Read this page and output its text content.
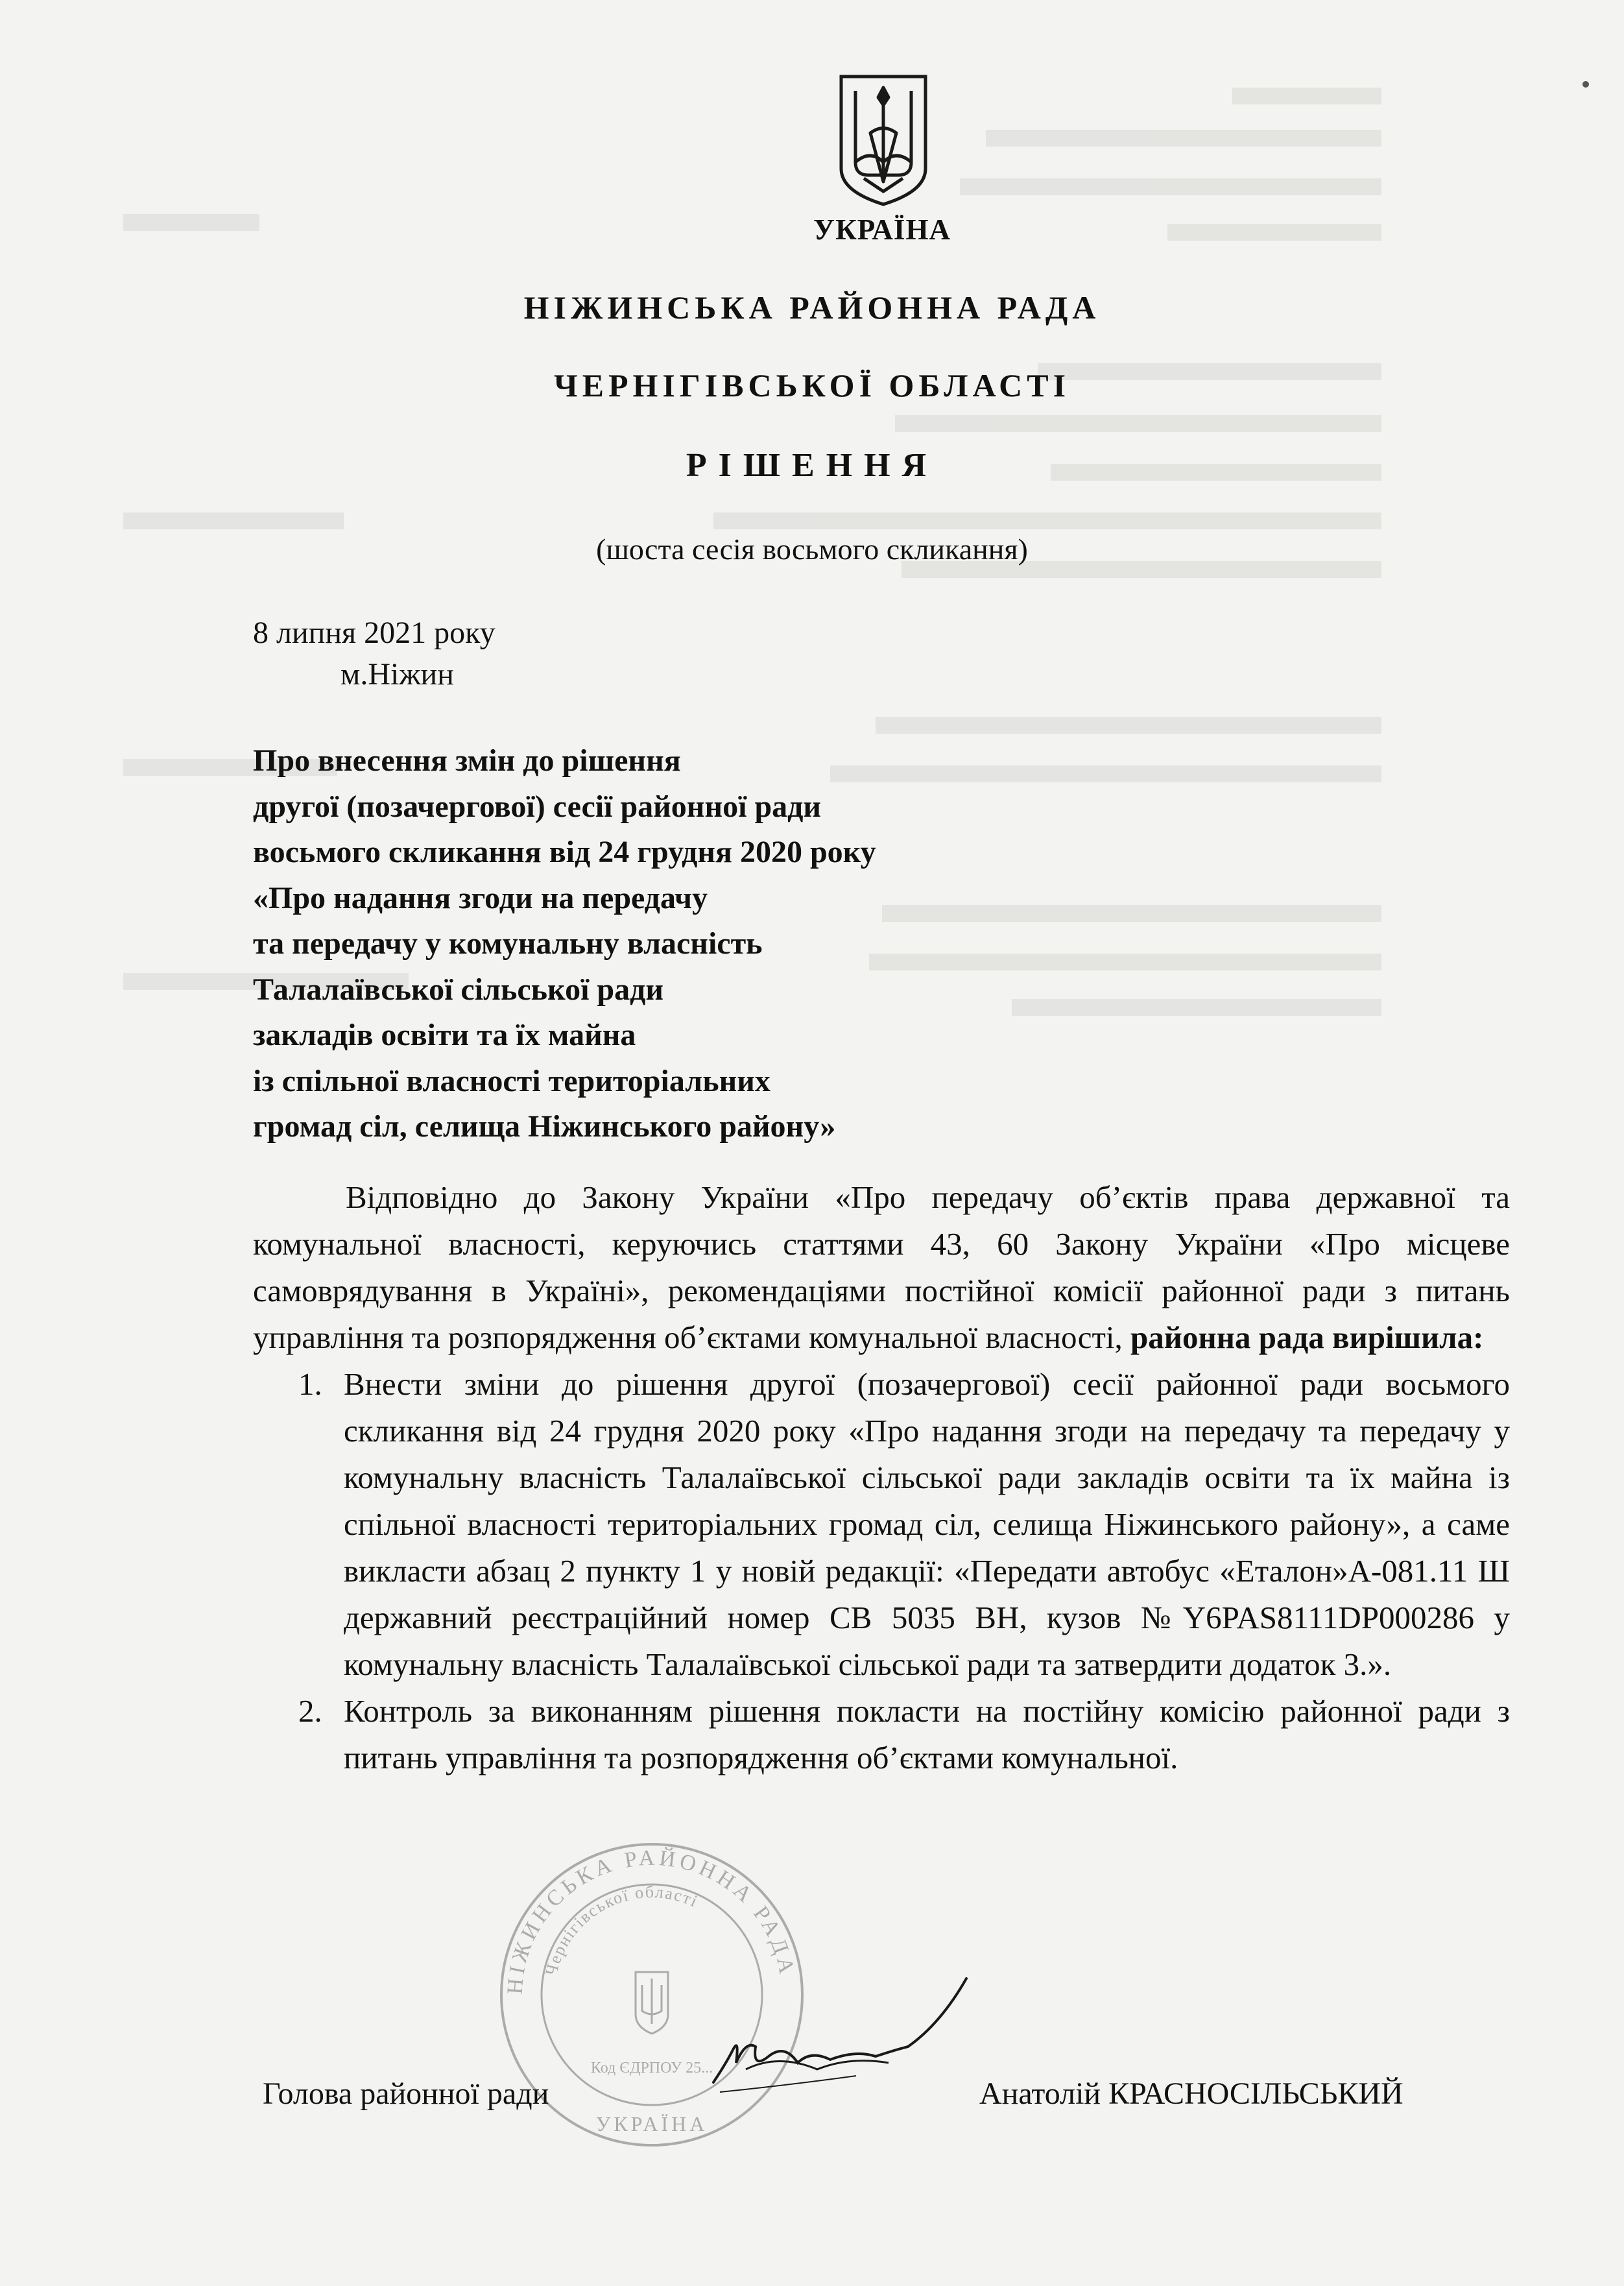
УКРАЇНА
НІЖИНСЬКА РАЙОННА РАДА
ЧЕРНІГІВСЬКОЇ ОБЛАСТІ
РІШЕННЯ
(шоста сесія восьмого скликання)
8 липня 2021 року
м.Ніжин
Про внесення змін до рішення
другої (позачергової) сесії районної ради
восьмого скликання від 24 грудня 2020 року
«Про надання згоди на передачу
та передачу у комунальну власність
Талалаївської сільської ради
закладів освіти та їх майна
із спільної власності територіальних
громад сіл, селища Ніжинського району»

Відповідно до Закону України «Про передачу об’єктів права державної та комунальної власності, керуючись статтями 43, 60 Закону України «Про місцеве самоврядування в Україні», рекомендаціями постійної комісії районної ради з питань управління та розпорядження об’єктами комунальної власності, районна рада вирішила:

1. Внести зміни до рішення другої (позачергової) сесії районної ради восьмого скликання від 24 грудня 2020 року «Про надання згоди на передачу та передачу у комунальну власність Талалаївської сільської ради закладів освіти та їх майна із спільної власності територіальних громад сіл, селища Ніжинського району», а саме викласти абзац 2 пункту 1 у новій редакції: «Передати автобус «Еталон»А-081.11 Ш державний реєстраційний номер СВ 5035 ВН, кузов №Y6PAS8111DP000286 у комунальну власність Талалаївської сільської ради та затвердити додаток 3.».
2. Контроль за виконанням рішення покласти на постійну комісію районної ради з питань управління та розпорядження об’єктами комунальної.
НІЖИНСЬКА РАЙОННА РАДА
Чернігівської області
Код ЄДРПОУ 25...
УКРАЇНА
Голова районної ради	Анатолій КРАСНОСІЛЬСЬКИЙ
